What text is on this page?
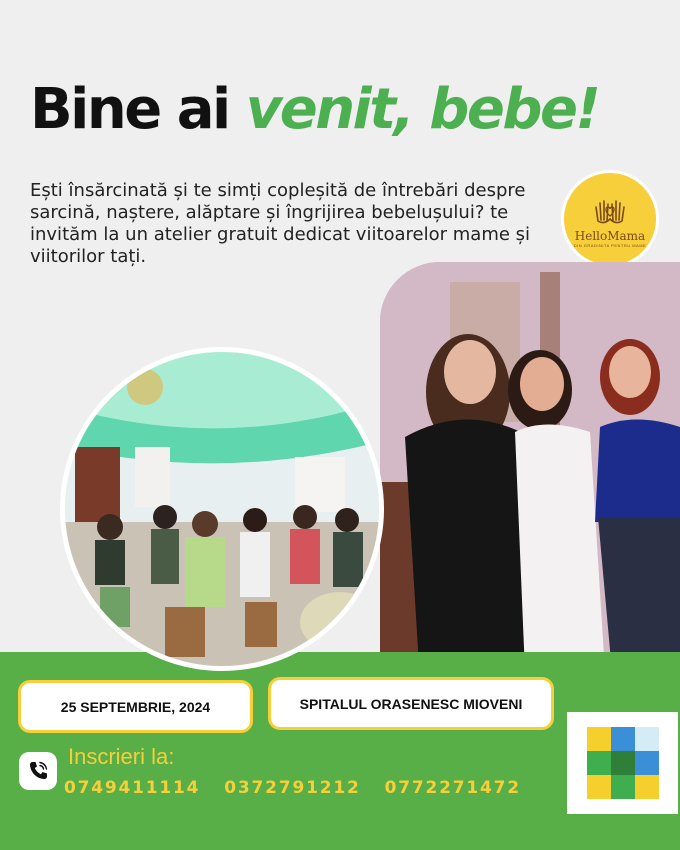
Bine ai venit, bebe!

Ești însărcinată și te simți copleșită de întrebări despre sarcină, naștere, alăptare și îngrijirea bebelușului? te invităm la un atelier gratuit dedicat viitoarelor mame și viitorilor tați.

HelloMama
DIN GRADINITA PENTRU MAME
25 SEPTEMBRIE, 2024	SPITALUL ORASENESC MIOVENI
Inscrieri la:
0749411114 0372791212 0772271472
